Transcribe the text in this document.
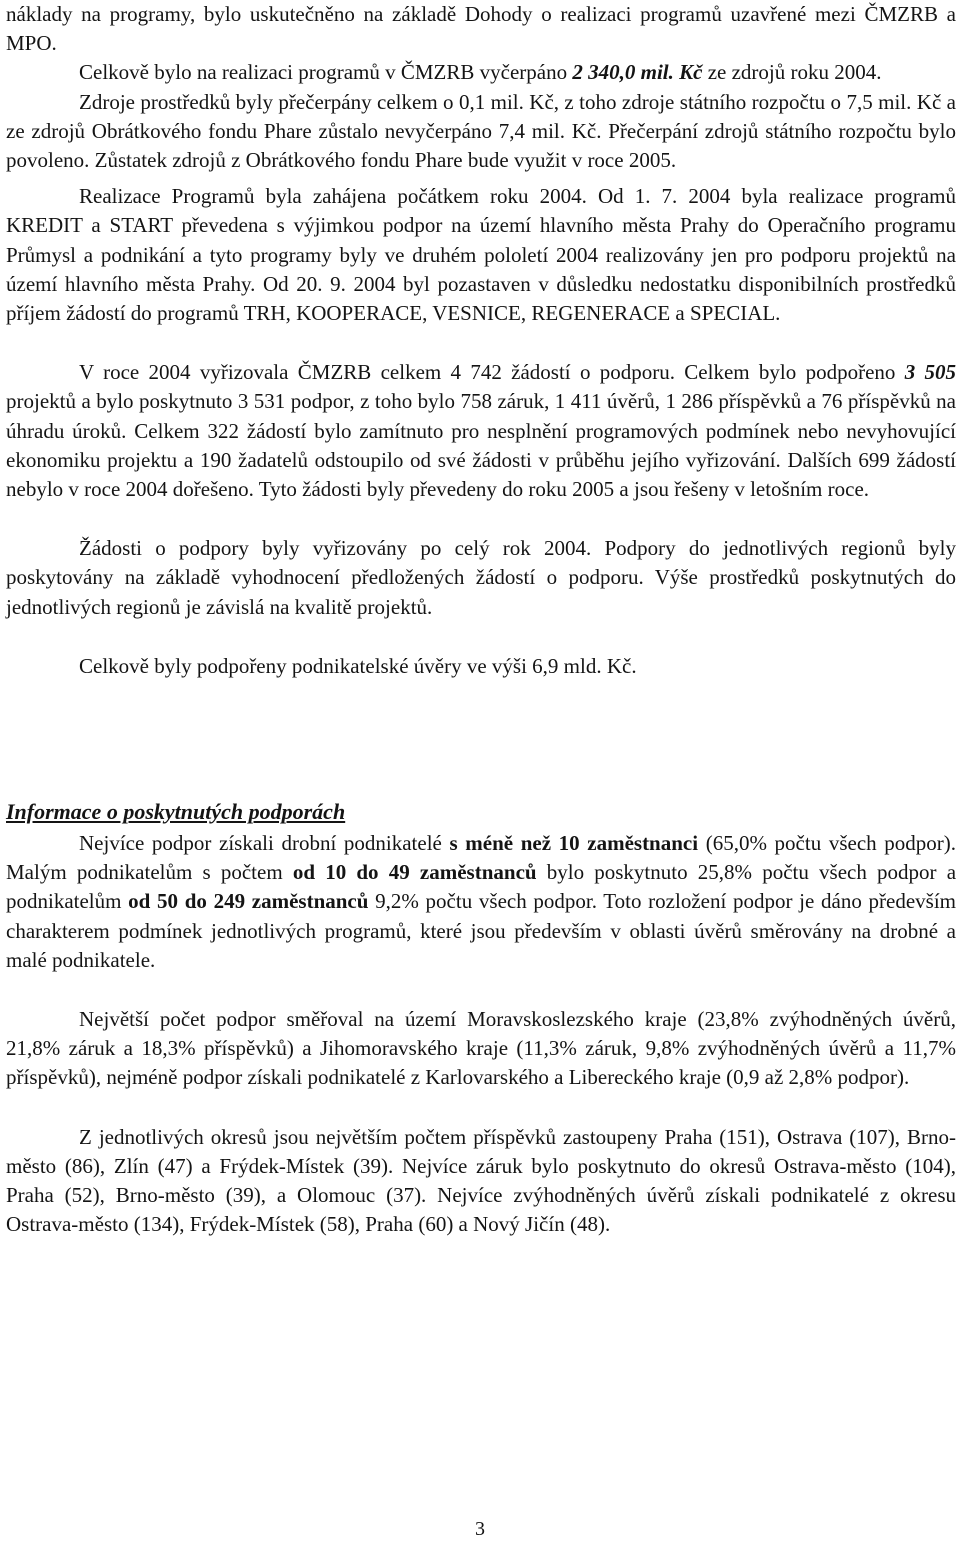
náklady na programy, bylo uskutečněno na základě Dohody o realizaci programů uzavřené mezi ČMZRB a MPO.

Celkově bylo na realizaci programů v ČMZRB vyčerpáno 2 340,0 mil. Kč ze zdrojů roku 2004.

Zdroje prostředků byly přečerpány celkem o 0,1 mil. Kč, z toho zdroje státního rozpočtu o 7,5 mil. Kč a ze zdrojů Obrátkového fondu Phare zůstalo nevyčerpáno 7,4 mil. Kč. Přečerpání zdrojů státního rozpočtu bylo povoleno. Zůstatek zdrojů z Obrátkového fondu Phare bude využit v roce 2005.

Realizace Programů byla zahájena počátkem roku 2004. Od 1. 7. 2004 byla realizace programů KREDIT a START převedena s výjimkou podpor na území hlavního města Prahy do Operačního programu Průmysl a podnikání a tyto programy byly ve druhém pololetí 2004 realizovány jen pro podporu projektů na území hlavního města Prahy. Od 20. 9. 2004 byl pozastaven v důsledku nedostatku disponibilních prostředků příjem žádostí do programů TRH, KOOPERACE, VESNICE, REGENERACE a SPECIAL.

V roce 2004 vyřizovala ČMZRB celkem 4 742 žádostí o podporu. Celkem bylo podpořeno 3 505 projektů a bylo poskytnuto 3 531 podpor, z toho bylo 758 záruk, 1 411 úvěrů, 1 286 příspěvků a 76 příspěvků na úhradu úroků. Celkem 322 žádostí bylo zamítnuto pro nesplnění programových podmínek nebo nevyhovující ekonomiku projektu a 190 žadatelů odstoupilo od své žádosti v průběhu jejího vyřizování. Dalších 699 žádostí nebylo v roce 2004 dořešeno. Tyto žádosti byly převedeny do roku 2005 a jsou řešeny v letošním roce.

Žádosti o podpory byly vyřizovány po celý rok 2004. Podpory do jednotlivých regionů byly poskytovány na základě vyhodnocení předložených žádostí o podporu. Výše prostředků poskytnutých do jednotlivých regionů je závislá na kvalitě projektů.

Celkově byly podpořeny podnikatelské úvěry ve výši 6,9 mld. Kč.

Informace o poskytnutých podporách

Nejvíce podpor získali drobní podnikatelé s méně než 10 zaměstnanci (65,0% počtu všech podpor). Malým podnikatelům s počtem od 10 do 49 zaměstnanců bylo poskytnuto 25,8% počtu všech podpor a podnikatelům od 50 do 249 zaměstnanců 9,2% počtu všech podpor. Toto rozložení podpor je dáno především charakterem podmínek jednotlivých programů, které jsou především v oblasti úvěrů směrovány na drobné a malé podnikatele.

Největší počet podpor směřoval na území Moravskoslezského kraje (23,8% zvýhodněných úvěrů, 21,8% záruk a 18,3% příspěvků) a Jihomoravského kraje (11,3% záruk, 9,8% zvýhodněných úvěrů a 11,7% příspěvků), nejméně podpor získali podnikatelé z Karlovarského a Libereckého kraje (0,9 až 2,8% podpor).

Z jednotlivých okresů jsou největším počtem příspěvků zastoupeny Praha (151), Ostrava (107), Brno-město (86), Zlín (47) a Frýdek-Místek (39). Nejvíce záruk bylo poskytnuto do okresů Ostrava-město (104), Praha (52), Brno-město (39), a Olomouc (37). Nejvíce zvýhodněných úvěrů získali podnikatelé z okresu Ostrava-město (134), Frýdek-Místek (58), Praha (60) a Nový Jičín (48).

3
